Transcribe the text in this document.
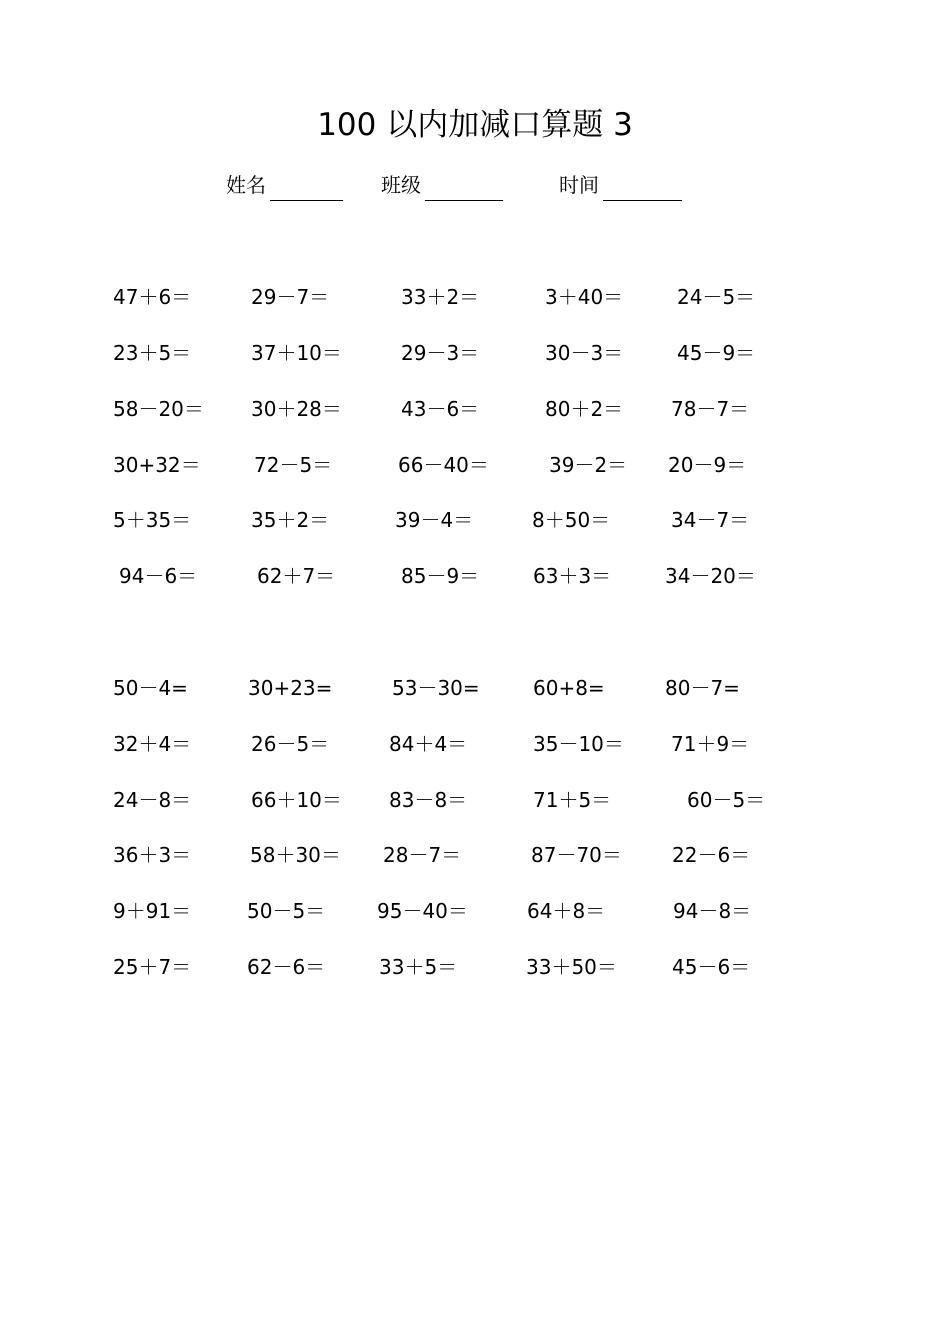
100 以内加减口算题 3
姓名	班级	时间
47＋6＝	29－7＝	33＋2＝	3＋40＝	24－5＝
23＋5＝	37＋10＝	29－3＝	30－3＝	45－9＝
58－20＝ 30＋28＝	43－6＝	80＋2＝ 78－7＝
30+32＝	72－5＝	66－40＝	39－2＝ 20－9＝
5＋35＝	35＋2＝	39－4＝	8＋50＝	34－7＝
94－6＝	62＋7＝	85－9＝	63＋3＝	34－20＝
50－4=	30+23=	53－30=	60+8=	80－7=
32＋4＝	26－5＝	84＋4＝	35－10＝ 71＋9＝
24－8＝	66＋10＝ 83－8＝	71＋5＝	60－5＝
36＋3＝	58＋30＝ 28－7＝	87－70＝	22－6＝
9＋91＝	50－5＝	95－40＝	64＋8＝	94－8＝
25＋7＝	62－6＝	33＋5＝	33＋50＝	45－6＝
